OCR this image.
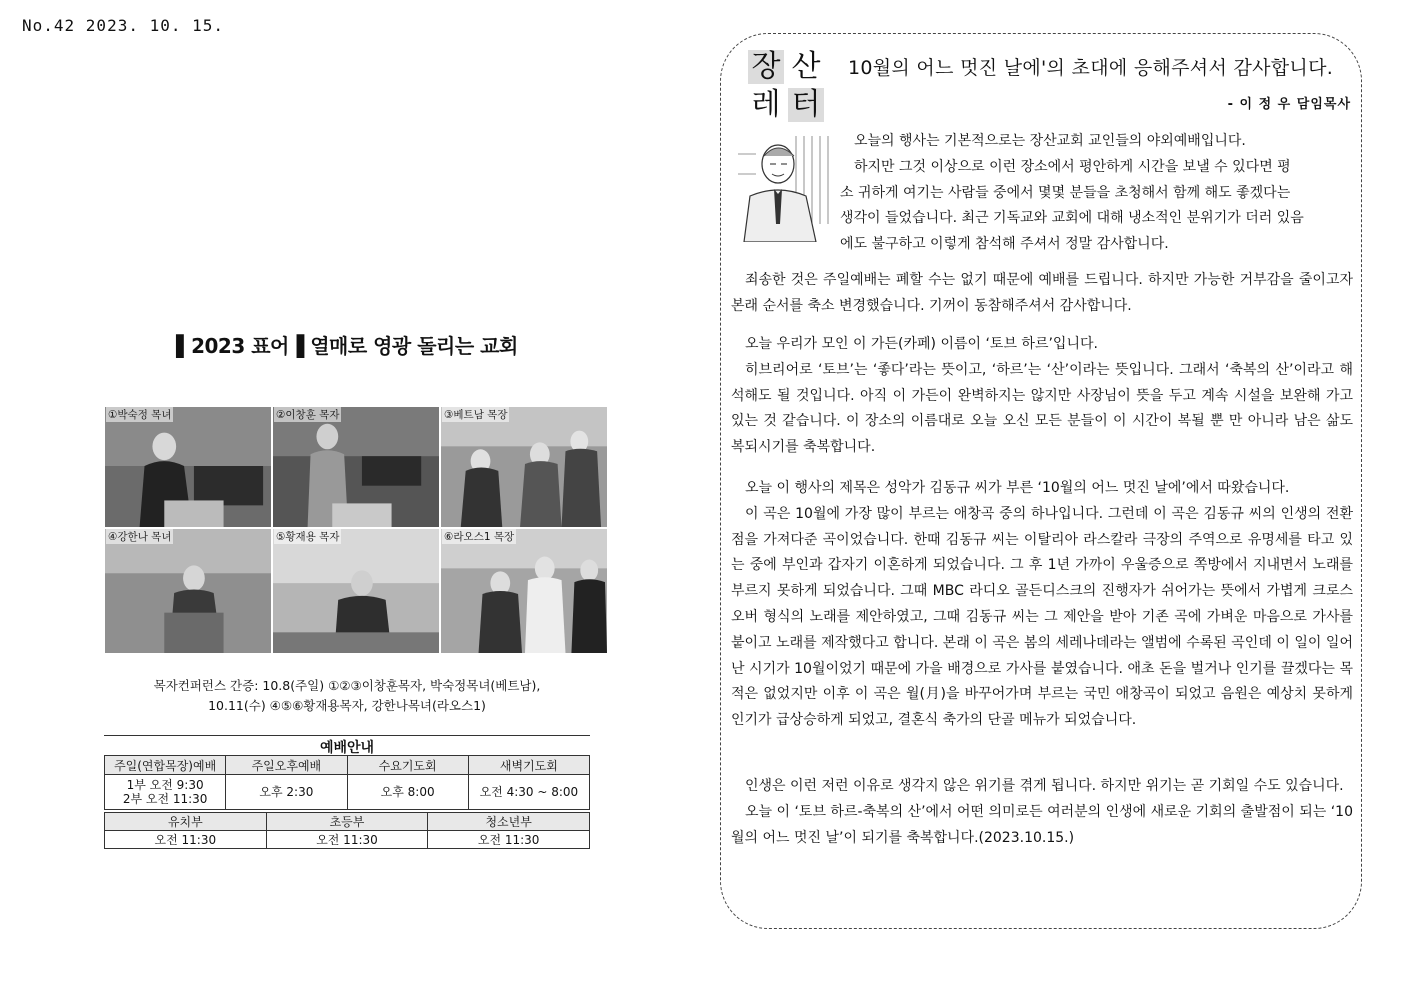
No.42 2023. 10. 15.
▌2023 표어▐ 열매로 영광 돌리는 교회
①박숙정 목녀	②이창훈 목자	③베트남 목장
④강한나 목녀	⑤황재용 목자	⑥라오스1 목장
목자컨퍼런스 간증: 10.8(주일) ①②③이창훈목자, 박숙정목녀(베트남),
10.11(수) ④⑤⑥황재용목자, 강한나목녀(라오스1)
예배안내
주일(연합목장)예배	주일오후예배	수요기도회	새벽기도회

1부 오전 9:30
2부 오전 11:30	오후 2:30	오후 8:00	오전 4:30 ~ 8:00
유치부	초등부	청소년부
오전 11:30	오전 11:30	오전 11:30
장 산
레 터
10월의 어느 멋진 날에'의 초대에 응해주셔서 감사합니다.
- 이 정 우 담임목사
오늘의 행사는 기본적으로는 장산교회 교인들의 야외예배입니다.
하지만 그것 이상으로 이런 장소에서 평안하게 시간을 보낼 수 있다면 평
소 귀하게 여기는 사람들 중에서 몇몇 분들을 초청해서 함께 해도 좋겠다는
생각이 들었습니다. 최근 기독교와 교회에 대해 냉소적인 분위기가 더러 있음
에도 불구하고 이렇게 참석해 주셔서 정말 감사합니다.
죄송한 것은 주일예배는 폐할 수는 없기 때문에 예배를 드립니다. 하지만 가능한 거부감을 줄이고자 본래 순서를 축소 변경했습니다. 기꺼이 동참해주셔서 감사합니다.
오늘 우리가 모인 이 가든(카페) 이름이 ‘토브 하르’입니다.
히브리어로 ‘토브’는 ‘좋다’라는 뜻이고, ‘하르’는 ‘산’이라는 뜻입니다. 그래서 ‘축복의 산’이라고 해석해도 될 것입니다. 아직 이 가든이 완벽하지는 않지만 사장님이 뜻을 두고 계속 시설을 보완해 가고 있는 것 같습니다. 이 장소의 이름대로 오늘 오신 모든 분들이 이 시간이 복될 뿐 만 아니라 남은 삶도 복되시기를 축복합니다.
오늘 이 행사의 제목은 성악가 김동규 씨가 부른 ‘10월의 어느 멋진 날에’에서 따왔습니다.
이 곡은 10월에 가장 많이 부르는 애창곡 중의 하나입니다. 그런데 이 곡은 김동규 씨의 인생의 전환점을 가져다준 곡이었습니다. 한때 김동규 씨는 이탈리아 라스칼라 극장의 주역으로 유명세를 타고 있는 중에 부인과 갑자기 이혼하게 되었습니다. 그 후 1년 가까이 우울증으로 쪽방에서 지내면서 노래를 부르지 못하게 되었습니다. 그때 MBC 라디오 골든디스크의 진행자가 쉬어가는 뜻에서 가볍게 크로스오버 형식의 노래를 제안하였고, 그때 김동규 씨는 그 제안을 받아 기존 곡에 가벼운 마음으로 가사를 붙이고 노래를 제작했다고 합니다. 본래 이 곡은 봄의 세레나데라는 앨범에 수록된 곡인데 이 일이 일어난 시기가 10월이었기 때문에 가을 배경으로 가사를 붙였습니다. 애초 돈을 벌거나 인기를 끌겠다는 목적은 없었지만 이후 이 곡은 월(月)을 바꾸어가며 부르는 국민 애창곡이 되었고 음원은 예상치 못하게 인기가 급상승하게 되었고, 결혼식 축가의 단골 메뉴가 되었습니다.
인생은 이런 저런 이유로 생각지 않은 위기를 겪게 됩니다. 하지만 위기는 곧 기회일 수도 있습니다.
오늘 이 ‘토브 하르-축복의 산’에서 어떤 의미로든 여러분의 인생에 새로운 기회의 출발점이 되는 ‘10월의 어느 멋진 날’이 되기를 축복합니다.(2023.10.15.)
